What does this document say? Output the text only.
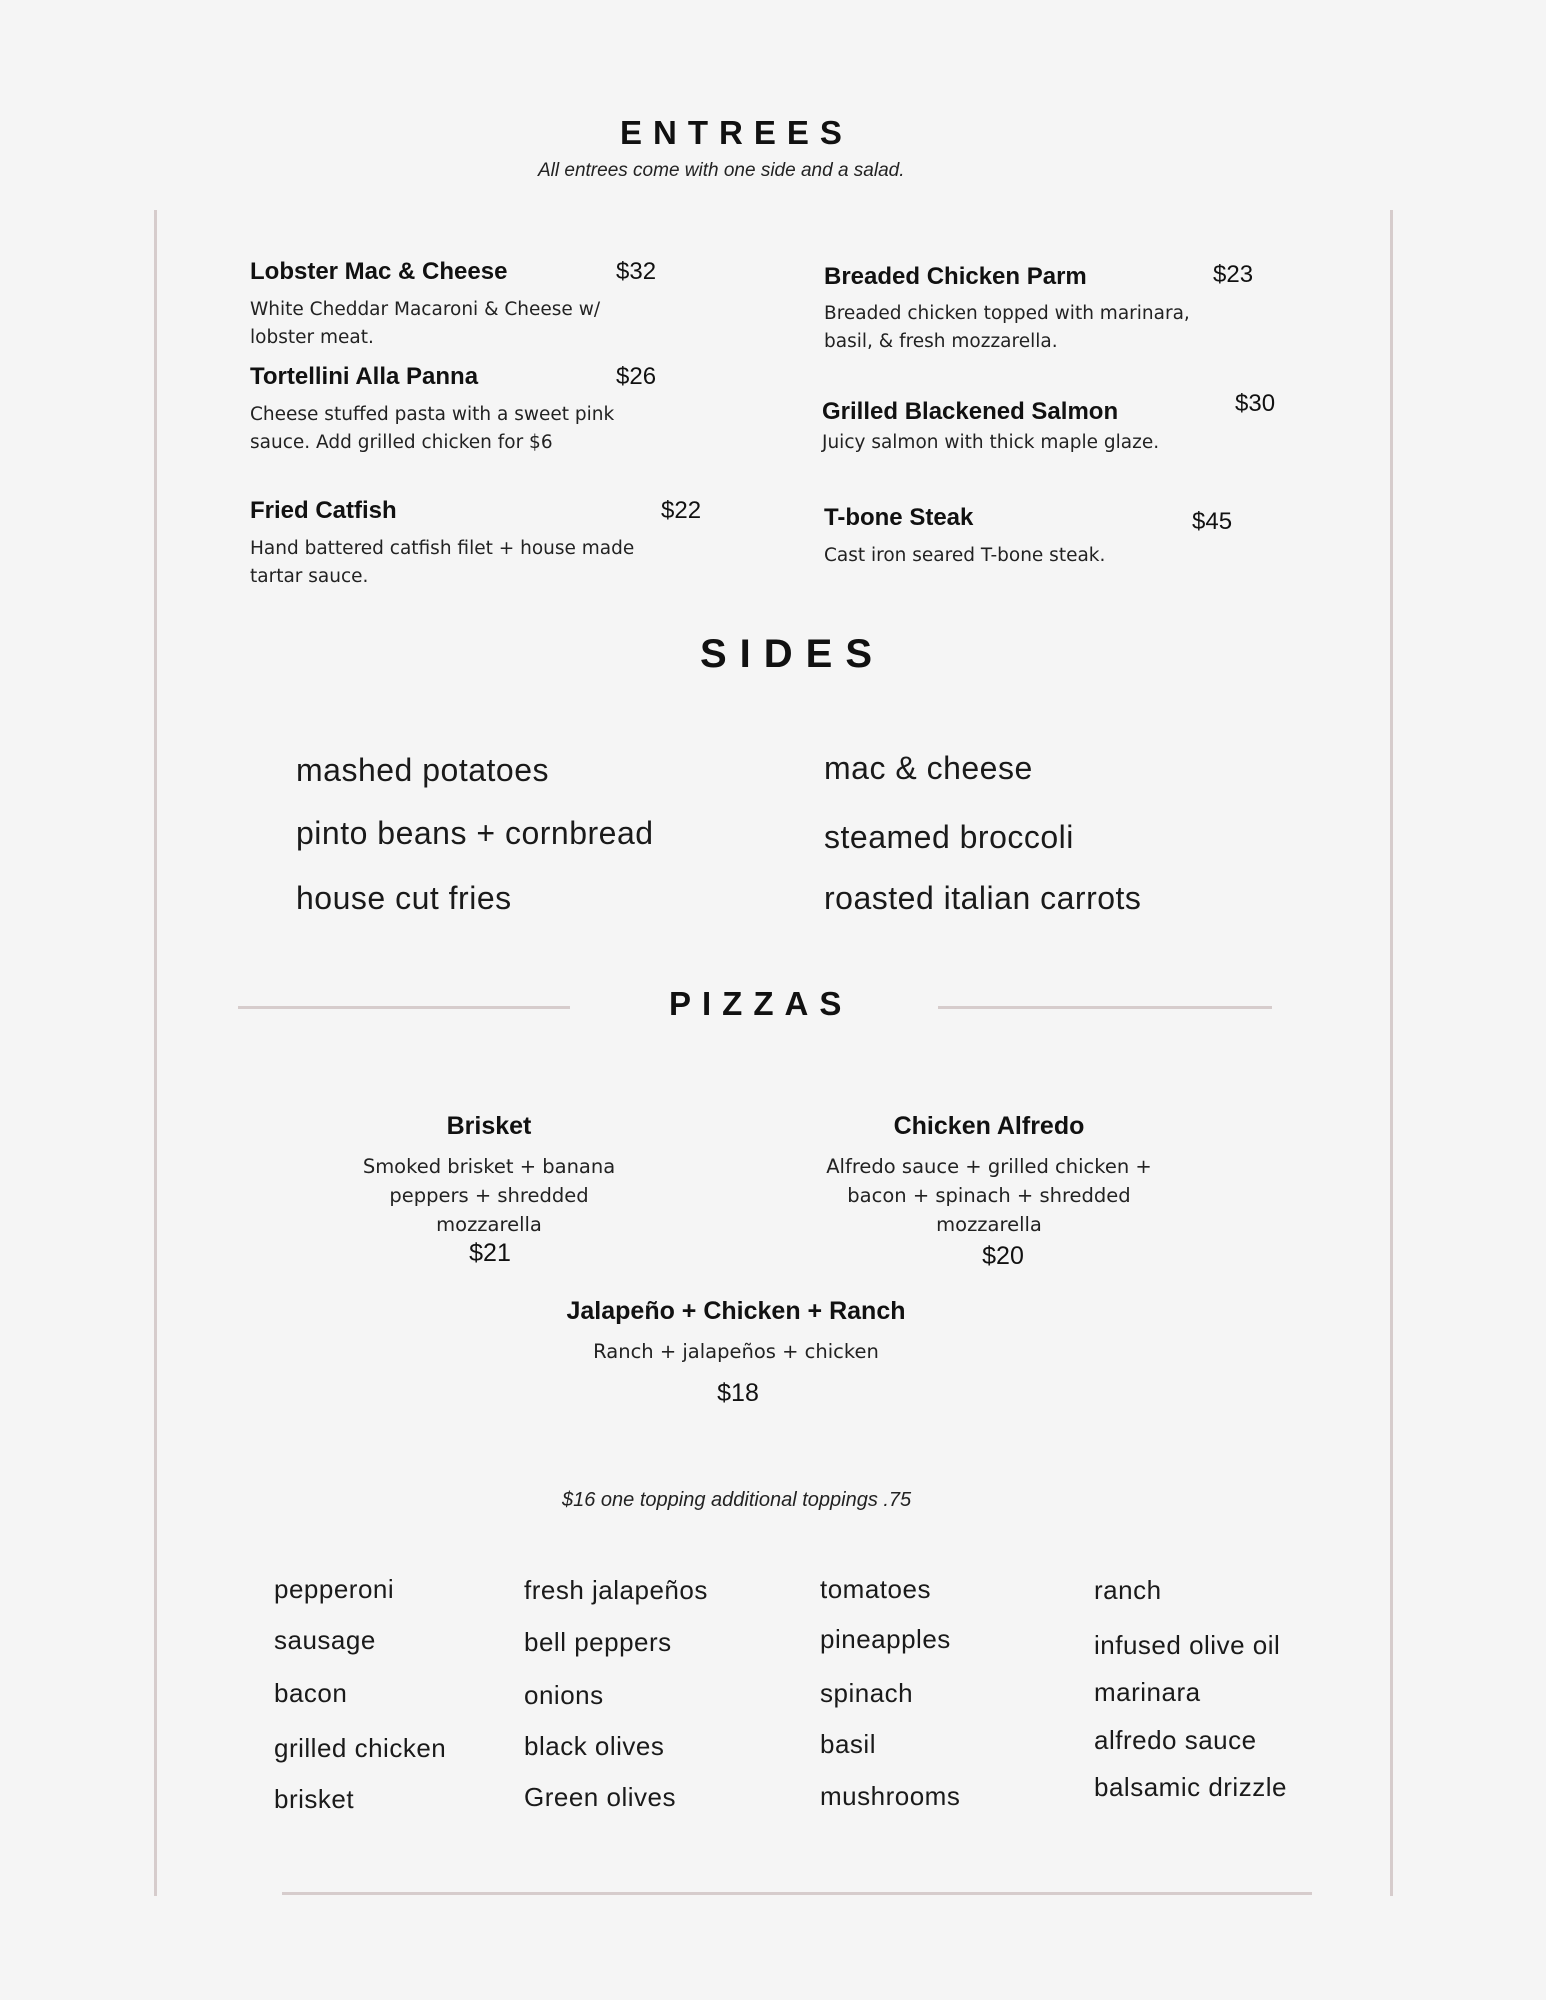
ENTREES
All entrees come with one side and a salad.
Lobster Mac & Cheese	$32
White Cheddar Macaroni & Cheese w/ lobster meat.
Tortellini Alla Panna	$26
Cheese stuffed pasta with a sweet pink sauce. Add grilled chicken for $6
Fried Catfish	$22
Hand battered catfish filet + house made tartar sauce.
Breaded Chicken Parm	$23
Breaded chicken topped with marinara, basil, & fresh mozzarella.
Grilled Blackened Salmon	$30
Juicy salmon with thick maple glaze.
T-bone Steak	$45
Cast iron seared T-bone steak.
SIDES
mashed potatoes
pinto beans + cornbread
house cut fries
mac & cheese
steamed broccoli
roasted italian carrots
PIZZAS
Brisket
Smoked brisket + banana peppers + shredded mozzarella
$21
Chicken Alfredo
Alfredo sauce + grilled chicken + bacon + spinach + shredded mozzarella
$20
Jalapeño + Chicken + Ranch
Ranch + jalapeños + chicken
$18
$16 one topping additional toppings .75
pepperoni
sausage
bacon
grilled chicken
brisket
fresh jalapeños
bell peppers
onions
black olives
Green olives
tomatoes
pineapples
spinach
basil
mushrooms
ranch
infused olive oil
marinara
alfredo sauce
balsamic drizzle
